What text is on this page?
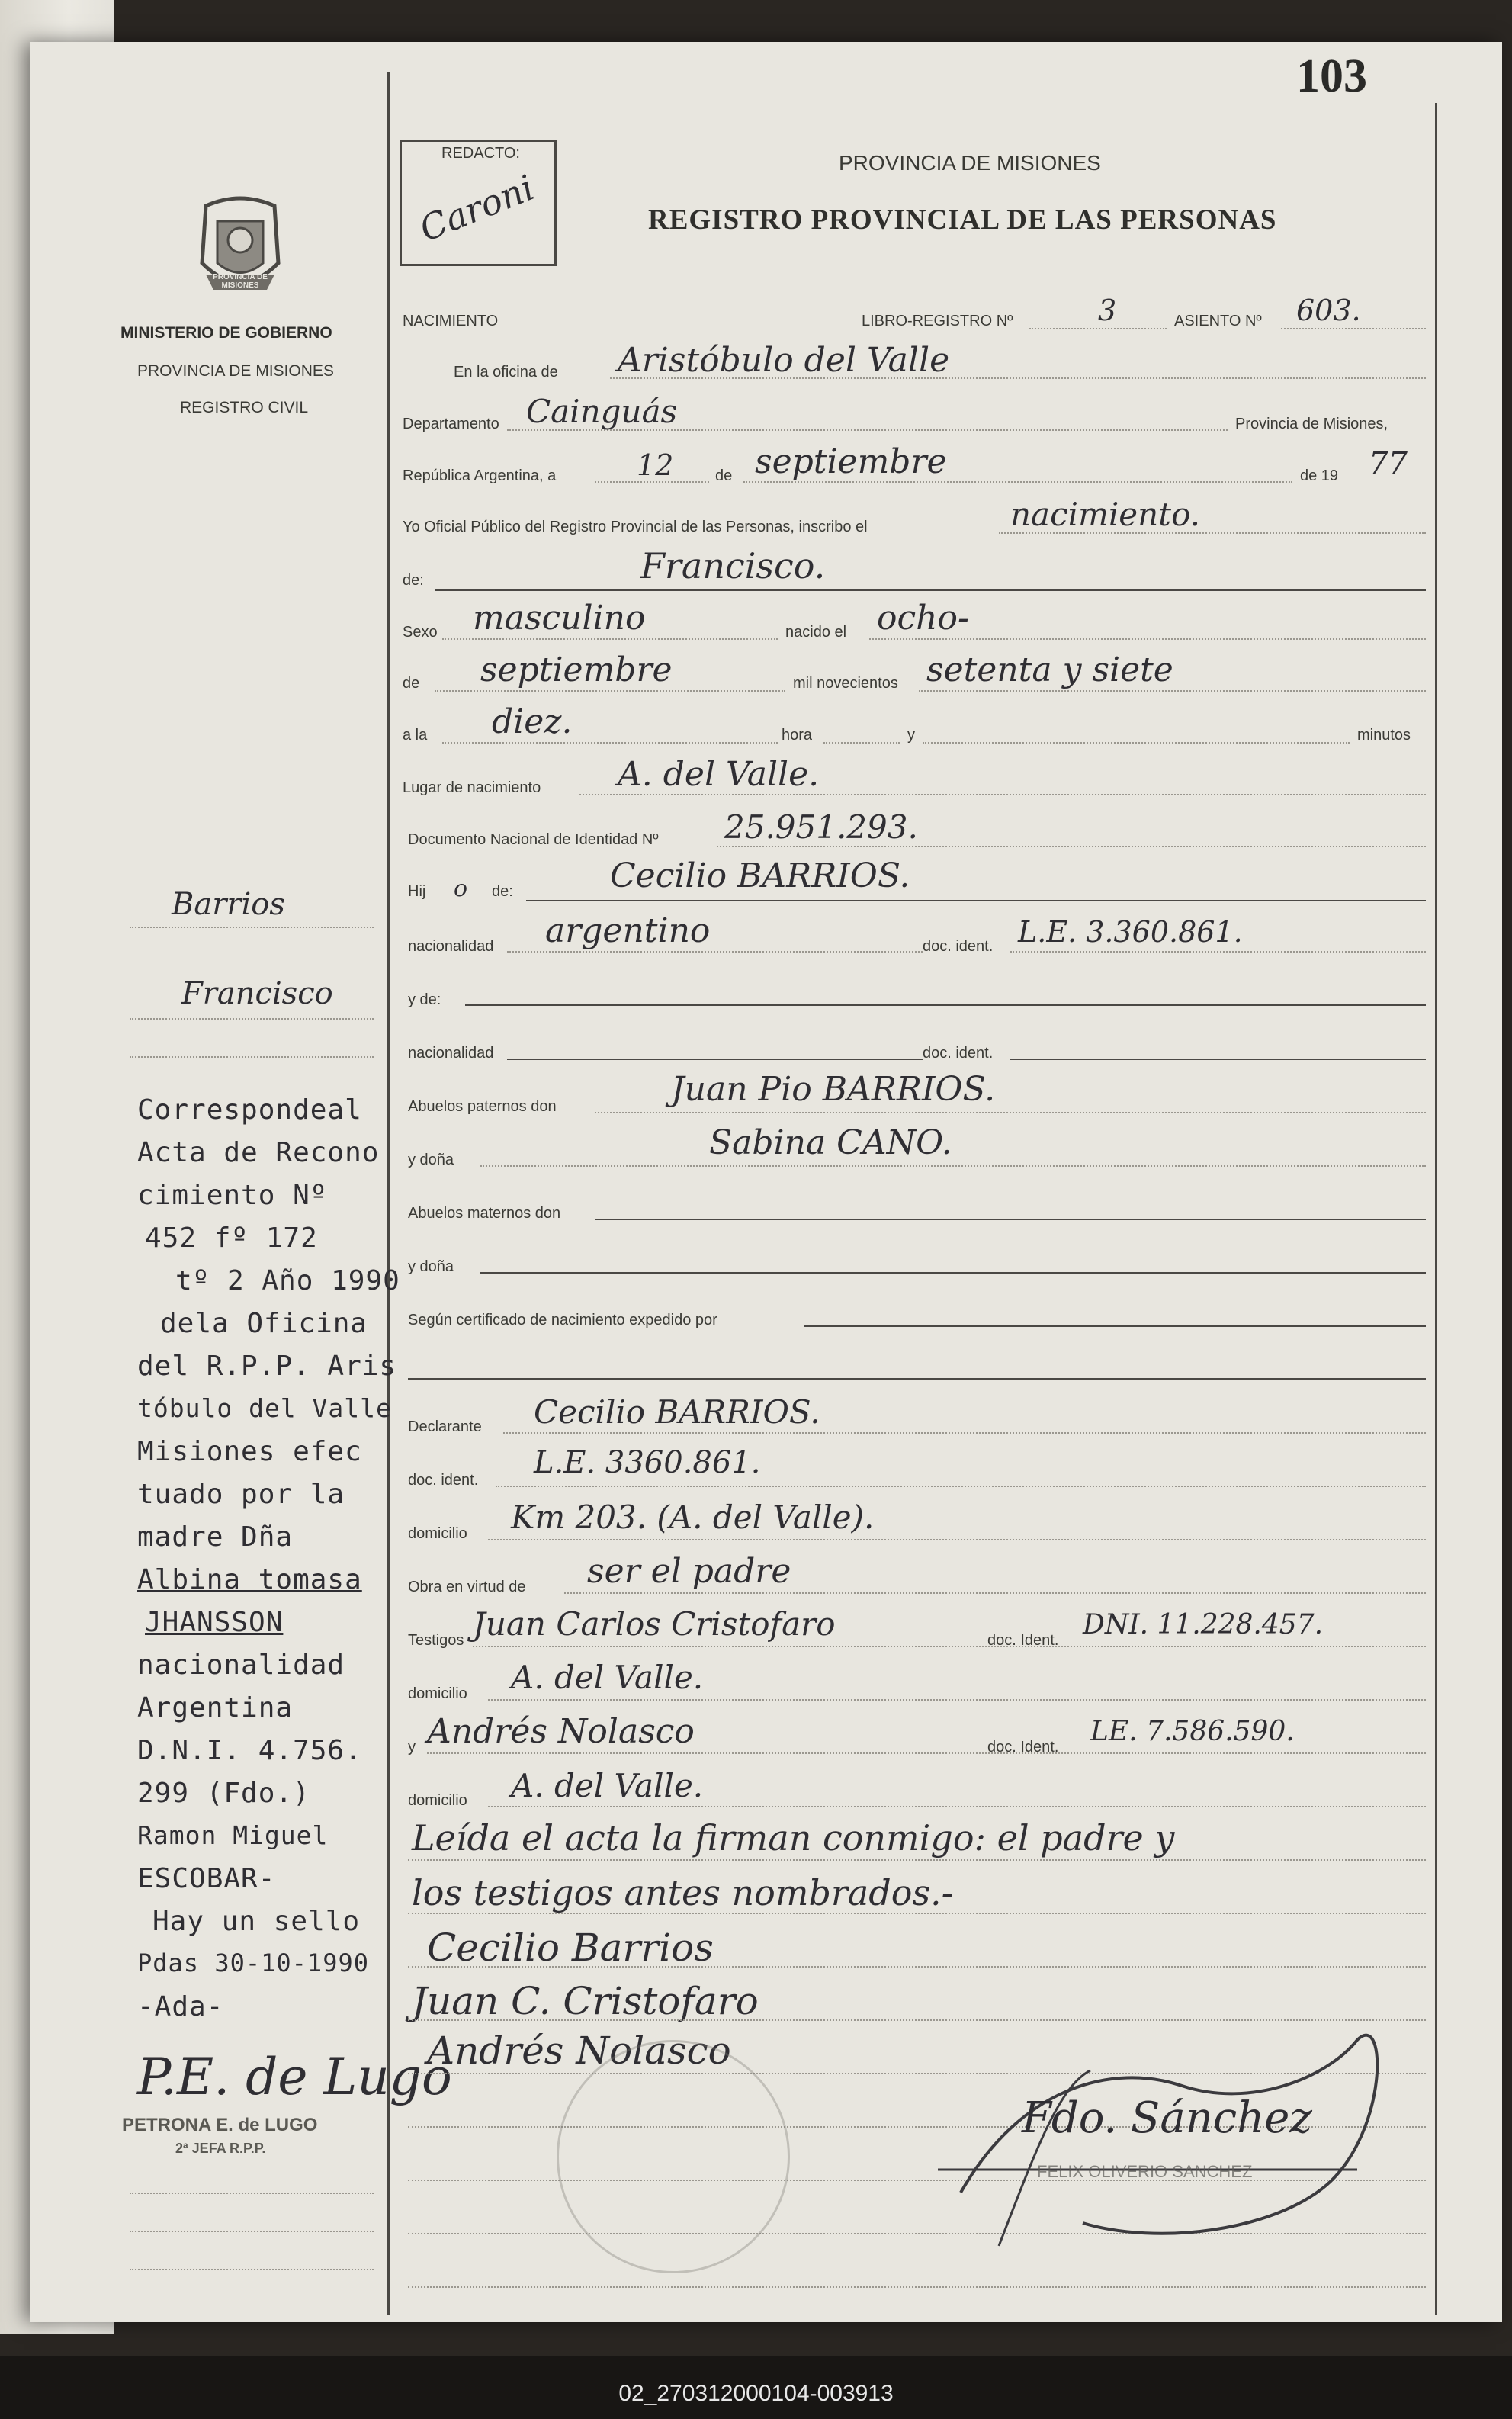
103
REDACTO:
Caroni
PROVINCIA DE MISIONES
REGISTRO PROVINCIAL DE LAS PERSONAS
PROVINCIA DE MISIONES
MINISTERIO DE GOBIERNO
PROVINCIA DE MISIONES
REGISTRO CIVIL
Barrios
Francisco
Correspondeal
Acta de Recono
cimiento Nº
452 fº 172
tº 2 Año 1990
dela Oficina
del R.P.P. Aris
tóbulo del Valle
Misiones efec
tuado por la
madre Dña
Albina tomasa
JHANSSON
nacionalidad
Argentina
D.N.I. 4.756.
299 (Fdo.)
Ramon Miguel
ESCOBAR-
Hay un sello
Pdas 30-10-1990
-Ada-
P.E. de Lugo
PETRONA E. de LUGO
2ª JEFA R.P.P.
NACIMIENTO	LIBRO-REGISTRO Nº	3	ASIENTO Nº 603.
En la oficina de Aristóbulo del Valle
Departamento Cainguás	Provincia de Misiones,
República Argentina, a	12	de septiembre	de 19 77
Yo Oficial Público del Registro Provincial de las Personas, inscribo el	nacimiento.
de:	Francisco.
Sexo masculino	nacido el ocho-
de septiembre	mil novecientos setenta y siete
a la diez.	hora	y	minutos
Lugar de nacimiento A. del Valle.
Documento Nacional de Identidad Nº 25.951.293.
Hij o de:	Cecilio BARRIOS.
nacionalidad argentino	doc. ident. L.E. 3.360.861.
y de:
nacionalidad	doc. ident.
Abuelos paternos don	Juan Pio BARRIOS.
y doña	Sabina CANO.
Abuelos maternos don
y doña
Según certificado de nacimiento expedido por
Declarante Cecilio BARRIOS.
doc. ident. L.E. 3360.861.
domicilio Km 203. (A. del Valle).
Obra en virtud de ser el padre
Testigos Juan Carlos Cristofaro	doc. Ident. DNI. 11.228.457.
domicilio A. del Valle.
y Andrés Nolasco	doc. Ident. LE. 7.586.590.
domicilio A. del Valle.
Leída el acta la firman conmigo: el padre y
los testigos antes nombrados.-
Cecilio Barrios
Juan C. Cristofaro
Andrés Nolasco
Fdo. Sánchez
FELIX OLIVERIO SANCHEZ
02_270312000104-003913
